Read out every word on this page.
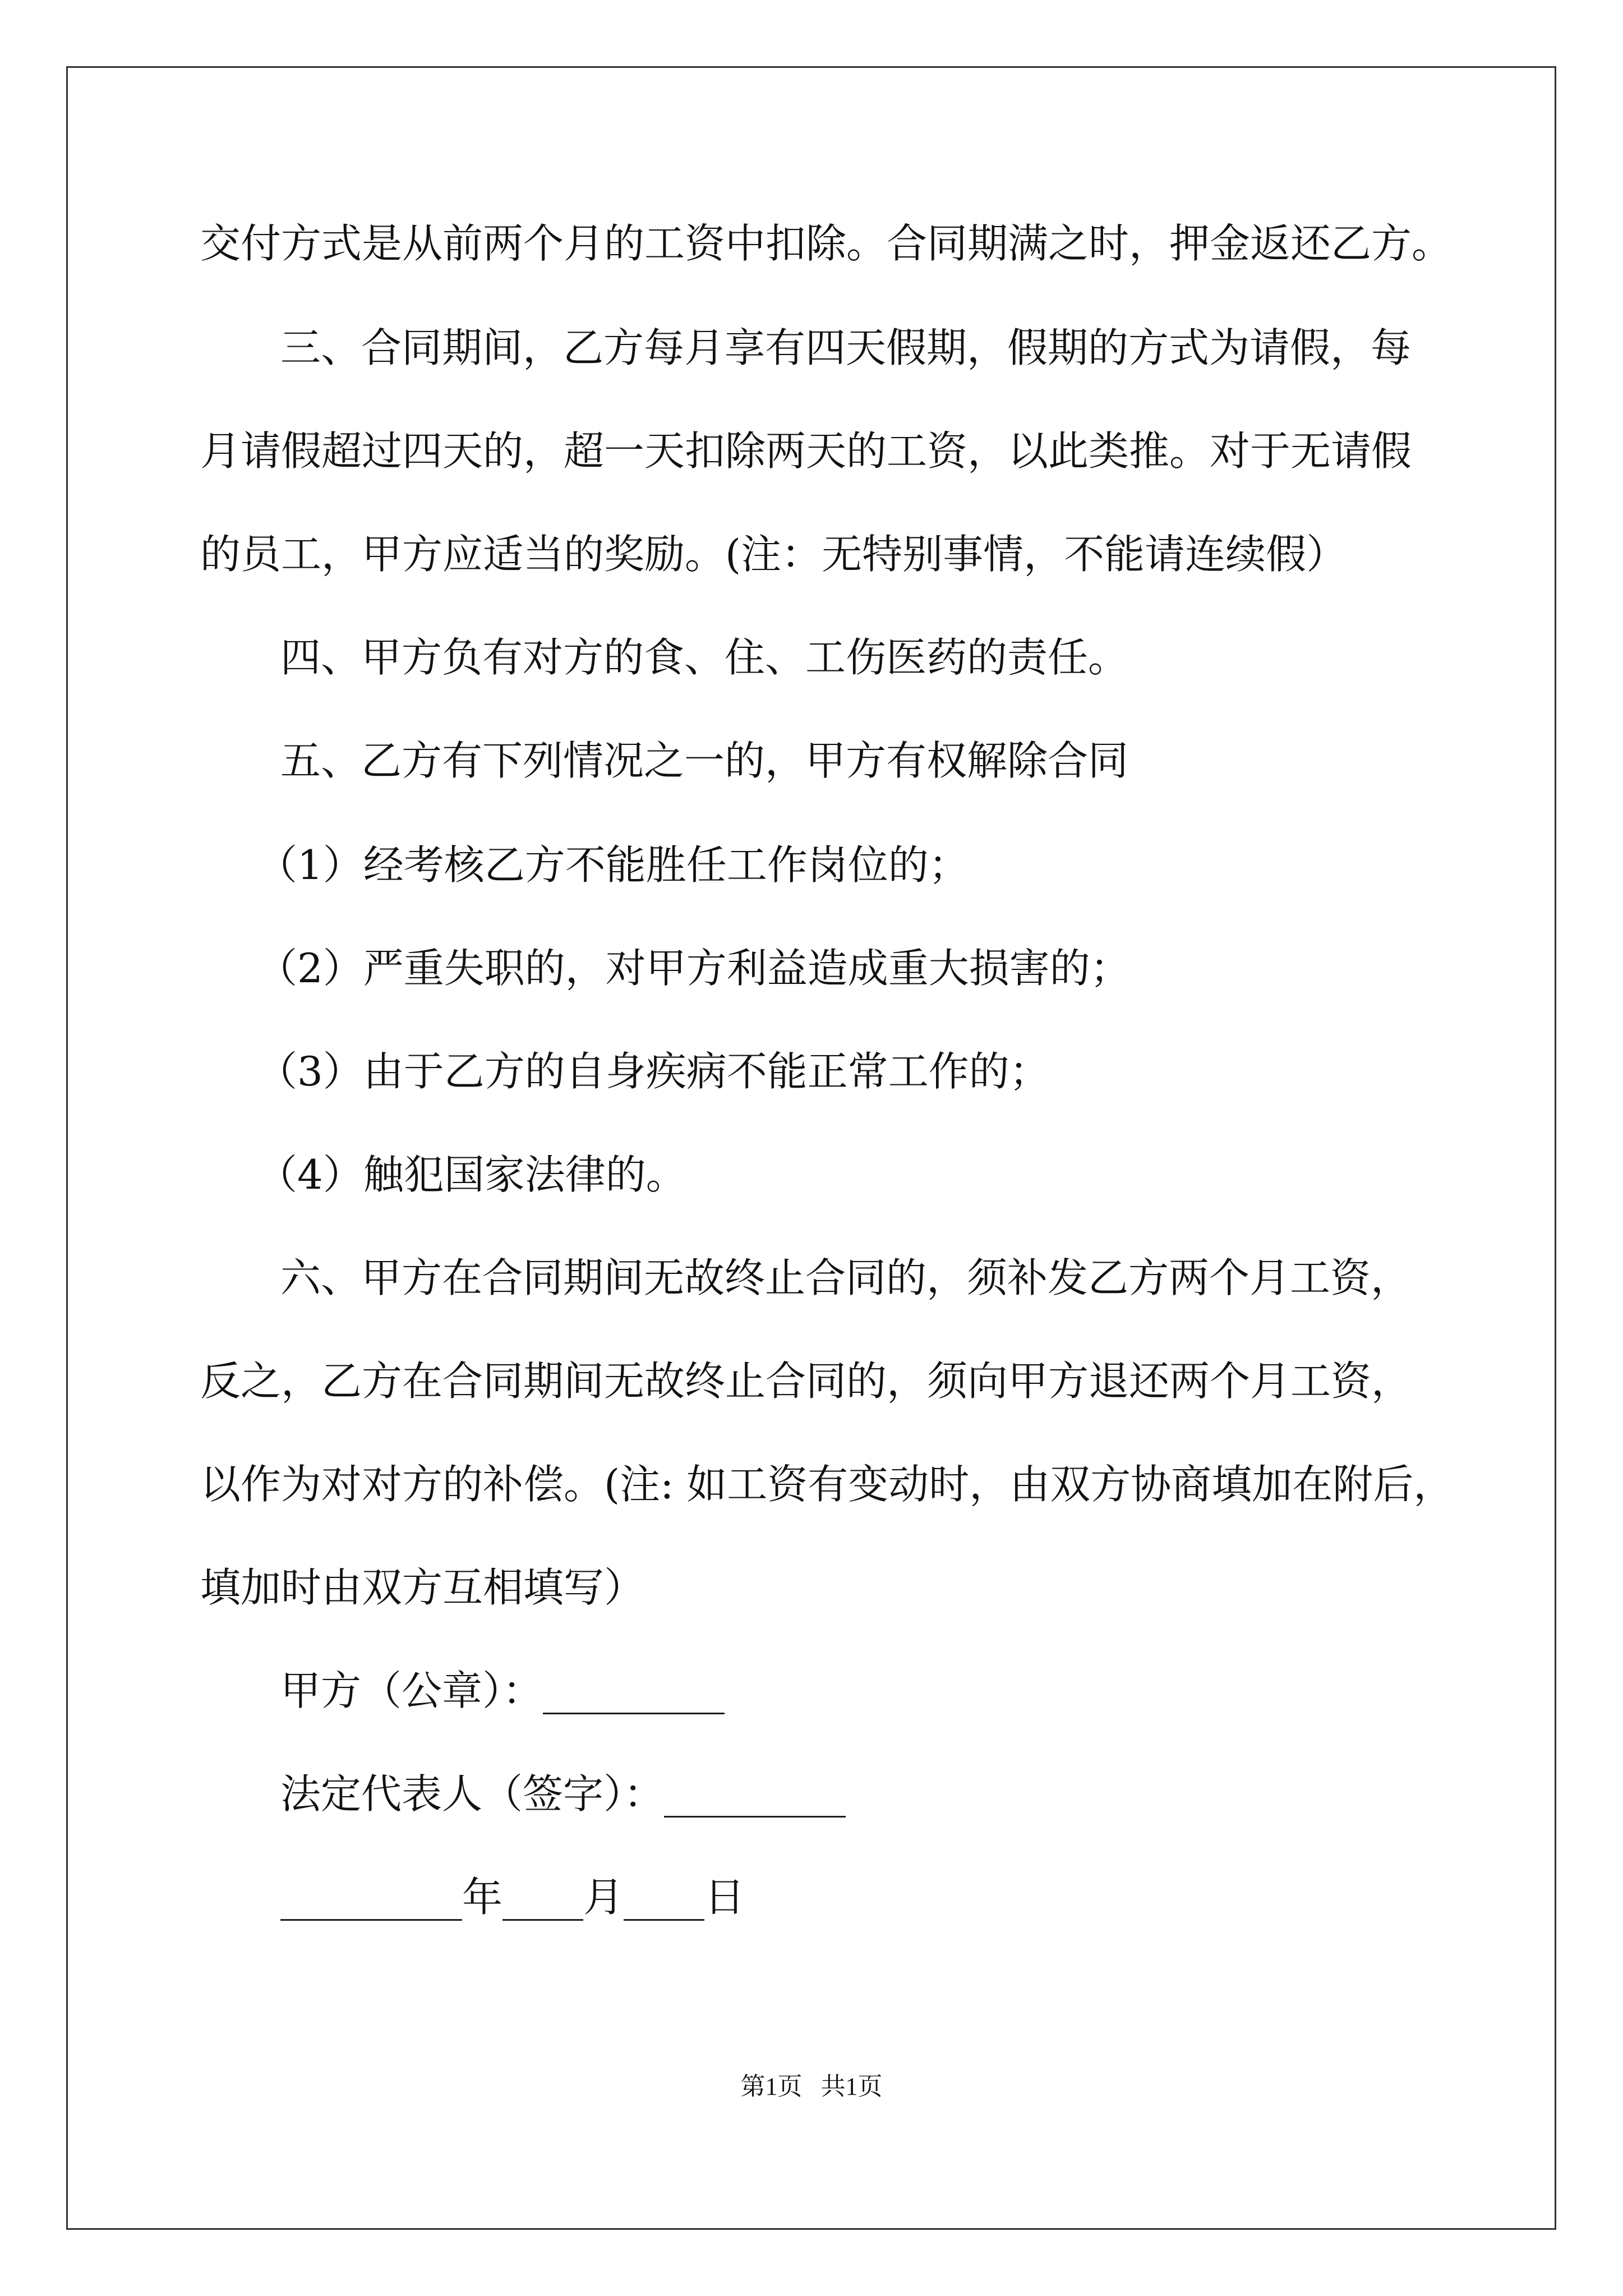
交付方式是从前两个月的工资中扣除。合同期满之时，押金返还乙方。
三、合同期间，乙方每月享有四天假期，假期的方式为请假，每
月请假超过四天的，超一天扣除两天的工资，以此类推。对于无请假
的员工，甲方应适当的奖励。(注：无特别事情，不能请连续假）
四、甲方负有对方的食、住、工伤医药的责任。
五、乙方有下列情况之一的，甲方有权解除合同
（1）经考核乙方不能胜任工作岗位的；
（2）严重失职的，对甲方利益造成重大损害的；
（3）由于乙方的自身疾病不能正常工作的；
（4）触犯国家法律的。
六、甲方在合同期间无故终止合同的，须补发乙方两个月工资，
反之，乙方在合同期间无故终止合同的，须向甲方退还两个月工资，
以作为对对方的补偿。(注: 如工资有变动时，由双方协商填加在附后，
填加时由双方互相填写）
甲方（公章）：_________
法定代表人（签字）：_________
_________年____月____日
第1页   共1页
